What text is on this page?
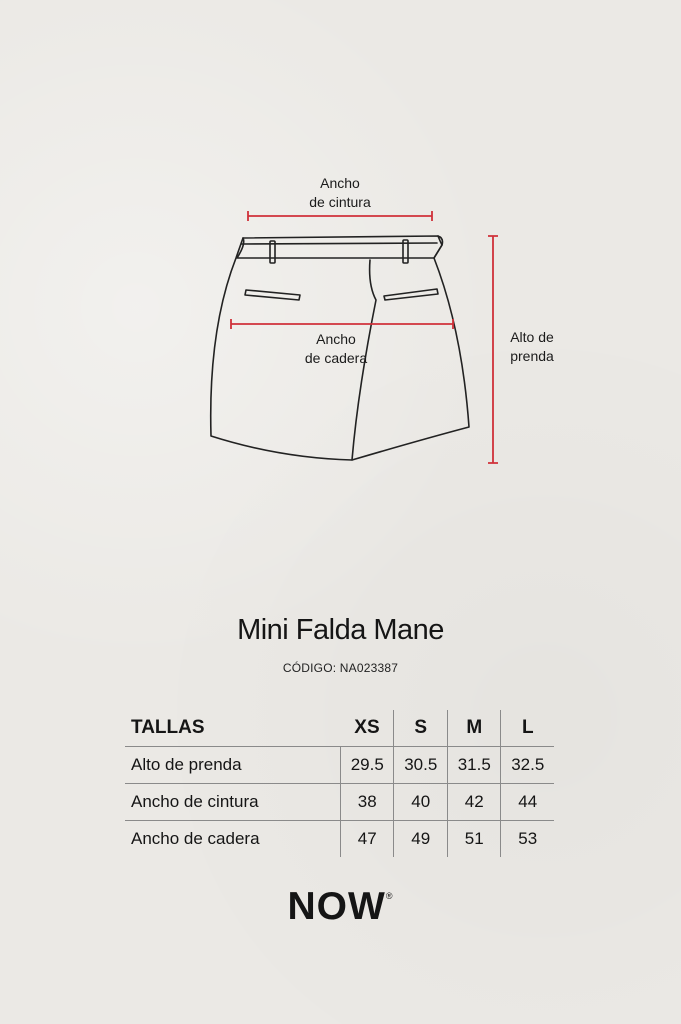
Ancho
de cintura
Ancho
de cadera
Alto de
prenda
Mini Falda Mane
CÓDIGO: NA023387
TALLAS	XS	S	M	L
Alto de prenda	29.5	30.5	31.5	32.5
Ancho de cintura	38	40	42	44
Ancho de cadera	47	49	51	53
NOW®
